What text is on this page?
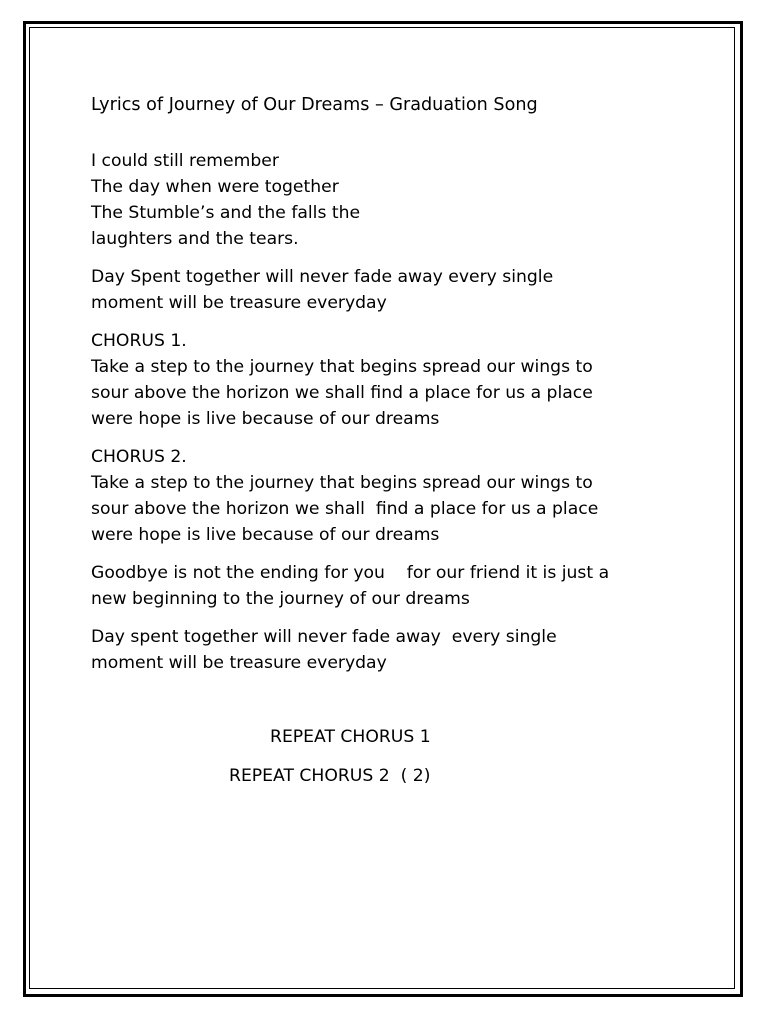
Lyrics of Journey of Our Dreams – Graduation Song
I could still remember
The day when were together
The Stumble’s and the falls the
laughters and the tears.
Day Spent together will never fade away every single
moment will be treasure everyday
CHORUS 1.
Take a step to the journey that begins spread our wings to
sour above the horizon we shall find a place for us a place
were hope is live because of our dreams
CHORUS 2.
Take a step to the journey that begins spread our wings to
sour above the horizon we shall  find a place for us a place
were hope is live because of our dreams
Goodbye is not the ending for you    for our friend it is just a
new beginning to the journey of our dreams
Day spent together will never fade away  every single
moment will be treasure everyday
REPEAT CHORUS 1
REPEAT CHORUS 2  ( 2)
